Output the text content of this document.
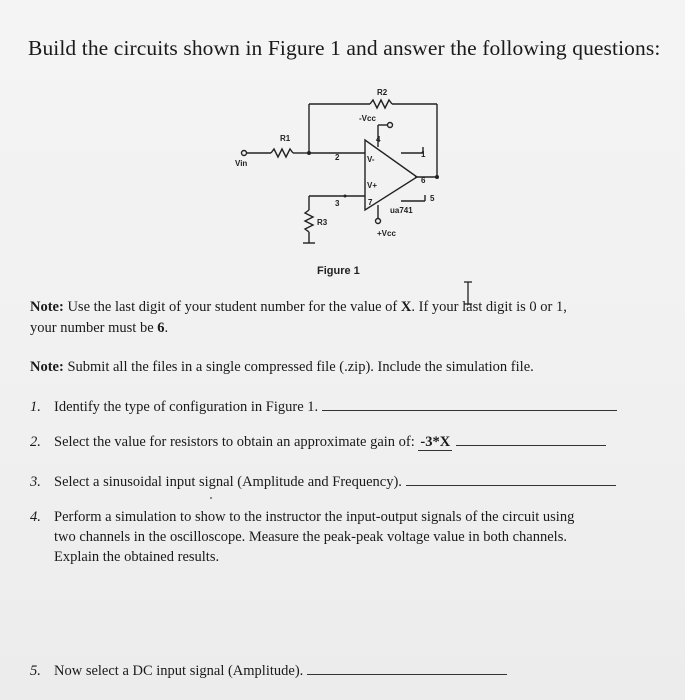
Build the circuits shown in Figure 1 and answer the following questions:
R2
R1
Vin
R3
-Vcc
+Vcc
V-
V+
ua741
2
3
4
5
6
7
1
Figure 1
Note: Use the last digit of your student number for the value of X. If your last digit is 0 or 1,
your number must be 6.
Note: Submit all the files in a single compressed file (.zip). Include the simulation file.
1. Identify the type of configuration in Figure 1.
2. Select the value for resistors to obtain an approximate gain of: -3*X
3. Select a sinusoidal input signal (Amplitude and Frequency).
4. Perform a simulation to show to the instructor the input-output signals of the circuit using
two channels in the oscilloscope. Measure the peak-peak voltage value in both channels.
Explain the obtained results.
5. Now select a DC input signal (Amplitude).
